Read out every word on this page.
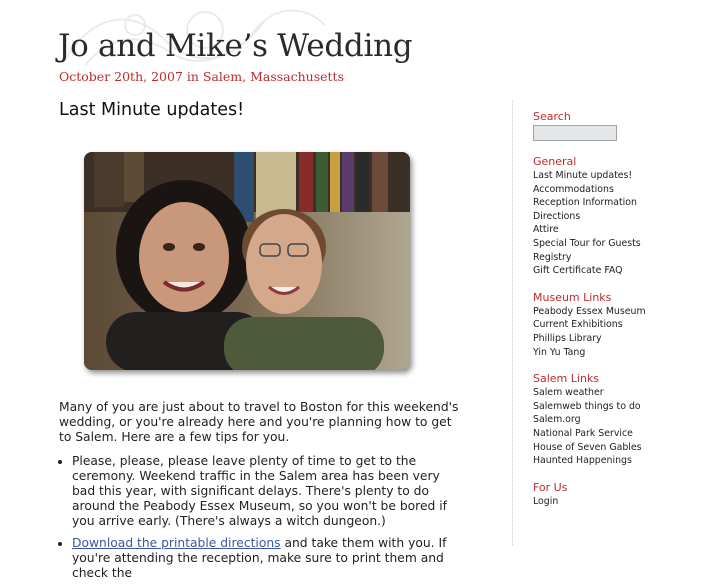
Jo and Mike’s Wedding
October 20th, 2007 in Salem, Massachusetts
Last Minute updates!

Many of you are just about to travel to Boston for this weekend's wedding, or you're already here and you're planning how to get to Salem. Here are a few tips for you.

• Please, please, please leave plenty of time to get to the ceremony. Weekend traffic in the Salem area has been very bad this year, with significant delays. There's plenty to do around the Peabody Essex Museum, so you won't be bored if you arrive early. (There's always a witch dungeon.)
• Download the printable directions and take them with you. If you're attending the reception, make sure to print them and check the
Search
General
Last Minute updates!
Accommodations
Reception Information
Directions
Attire
Special Tour for Guests
Registry
Gift Certificate FAQ
Museum Links
Peabody Essex Museum
Current Exhibitions
Phillips Library
Yin Yu Tang
Salem Links
Salem weather
Salemweb things to do
Salem.org
National Park Service
House of Seven Gables
Haunted Happenings
For Us
Login
